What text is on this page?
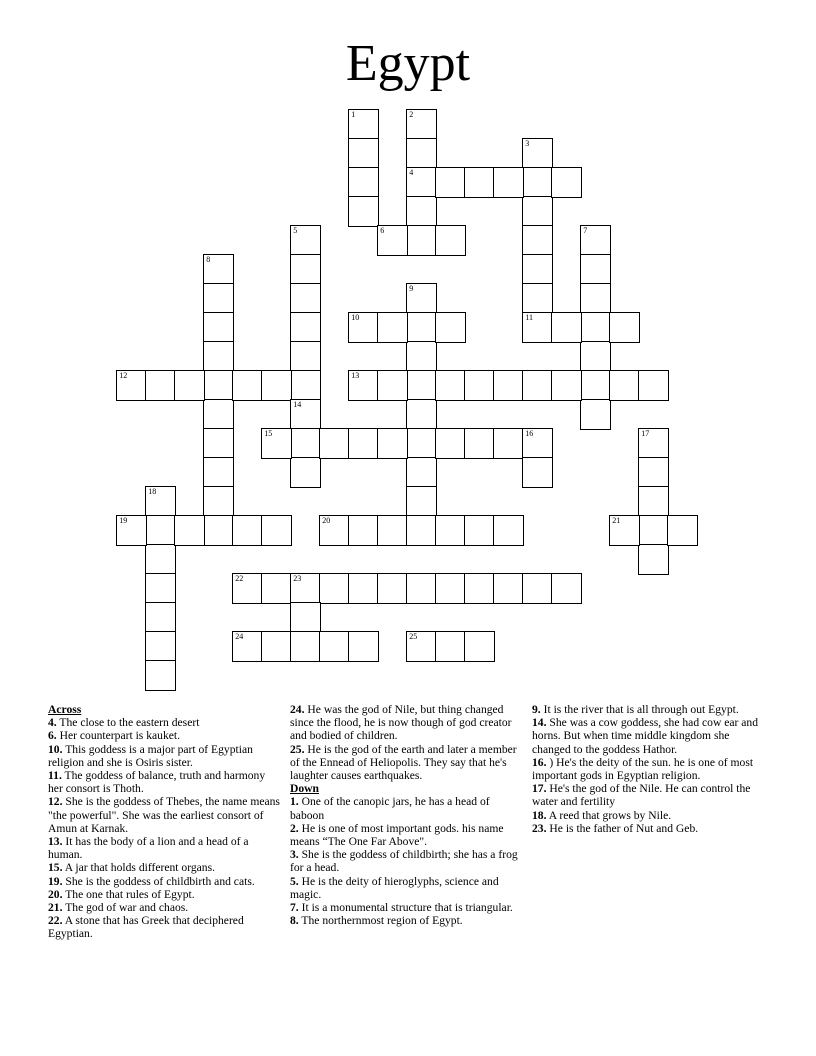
Egypt
1	2
4
3
5	6	7
8
9
10	11
12	13
14
15	16	17
18
19	20	21
22	23
24	25
Across

4. The close to the eastern desert

6. Her counterpart is kauket.

10. This goddess is a major part of Egyptian religion and she is Osiris sister.

11. The goddess of balance, truth and harmony her consort is Thoth.

12. She is the goddess of Thebes, the name means "the powerful". She was the earliest consort of Amun at Karnak.

13. It has the body of a lion and a head of a human.

15. A jar that holds different organs.

19. She is the goddess of childbirth and cats.

20. The one that rules of Egypt.

21. The god of war and chaos.

22. A stone that has Greek that deciphered Egyptian.

24. He was the god of Nile, but thing changed since the flood, he is now though of god creator and bodied of children.

25. He is the god of the earth and later a member of the Ennead of Heliopolis. They say that he's laughter causes earthquakes.

Down

1. One of the canopic jars, he has a head of baboon

2. He is one of most important gods. his name means “The One Far Above".

3. She is the goddess of childbirth; she has a frog for a head.

5. He is the deity of hieroglyphs, science and magic.

7. It is a monumental structure that is triangular.

8. The northernmost region of Egypt.

9. It is the river that is all through out Egypt.

14. She was a cow goddess, she had cow ear and horns. But when time middle kingdom she changed to the goddess Hathor.

16. ) He's the deity of the sun. he is one of most important gods in Egyptian religion.

17. He's the god of the Nile. He can control the water and fertility

18. A reed that grows by Nile.

23. He is the father of Nut and Geb.
